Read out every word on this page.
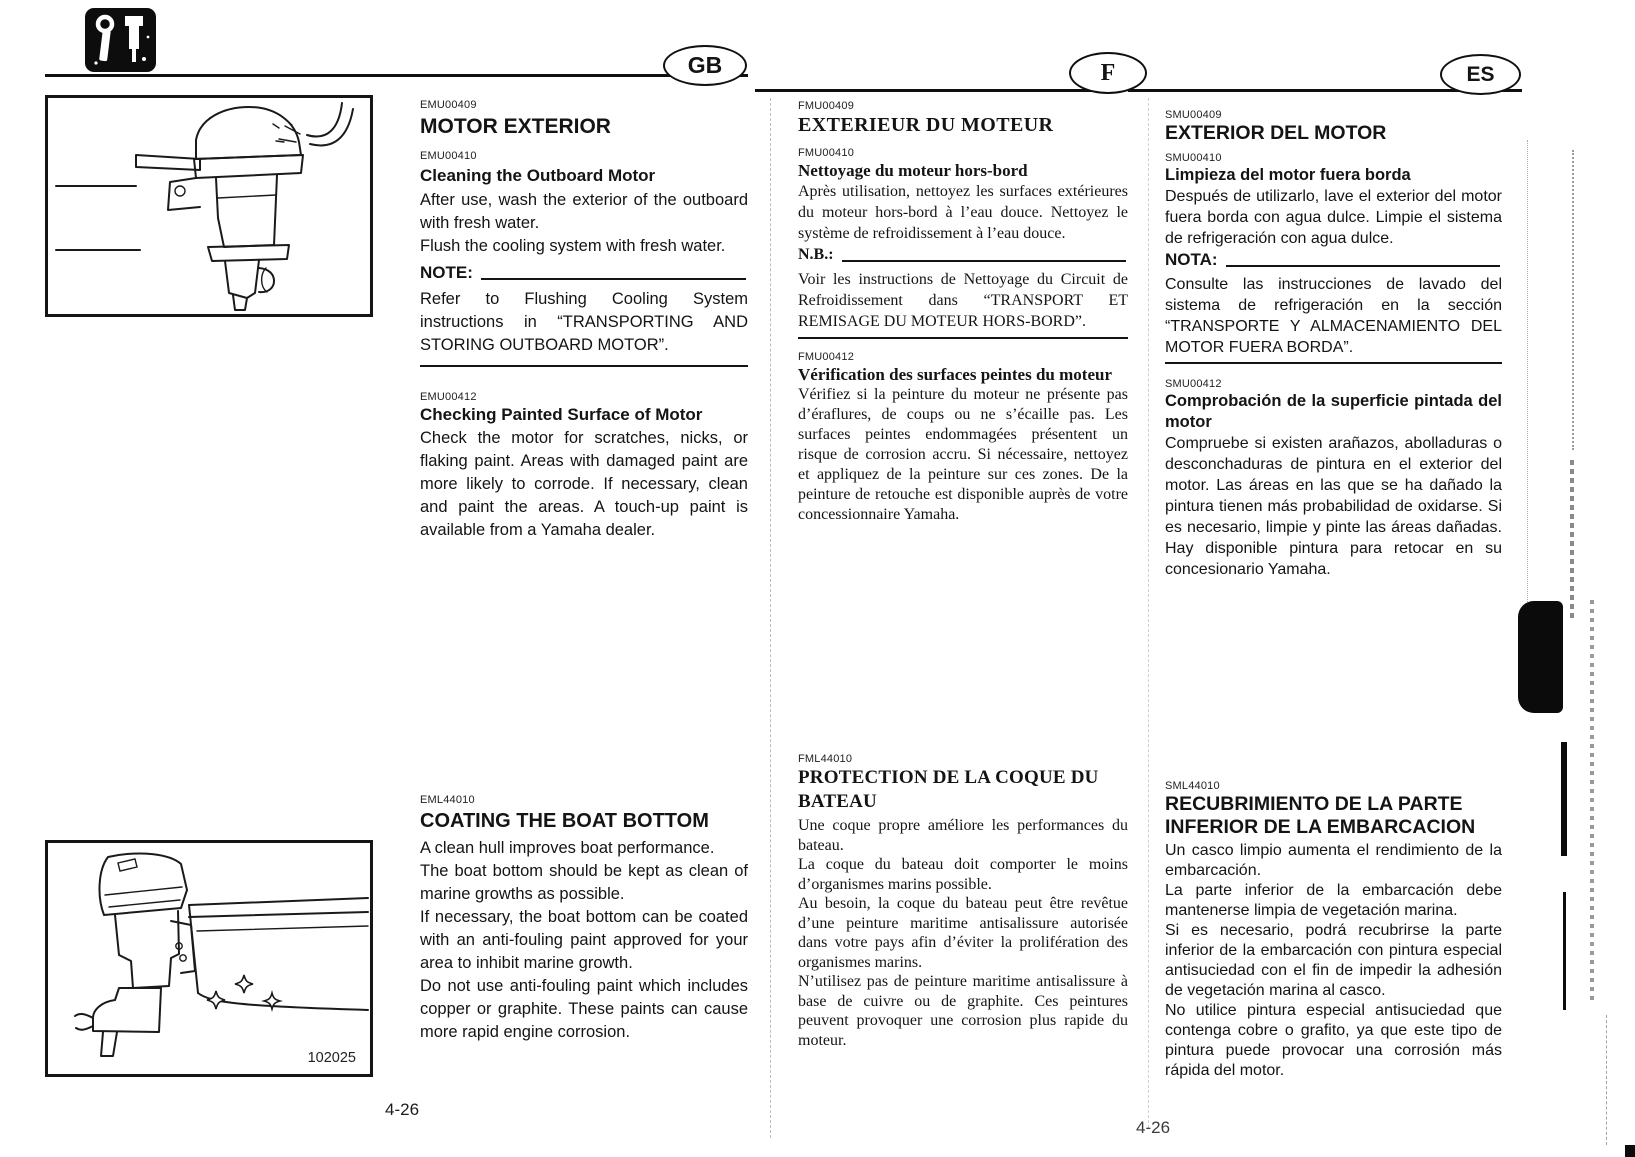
GB	F	ES
102025
EMU00409
MOTOR EXTERIOR
EMU00410
Cleaning the Outboard Motor
After use, wash the exterior of the outboard with fresh water.
Flush the cooling system with fresh water.
NOTE:
Refer to Flushing Cooling System instructions in “TRANSPORTING AND STORING OUTBOARD MOTOR”.
EMU00412
Checking Painted Surface of Motor
Check the motor for scratches, nicks, or flaking paint. Areas with damaged paint are more likely to corrode. If necessary, clean and paint the areas. A touch-up paint is available from a Yamaha dealer.
EML44010
COATING THE BOAT BOTTOM
A clean hull improves boat performance.
The boat bottom should be kept as clean of marine growths as possible.
If necessary, the boat bottom can be coated with an anti-fouling paint approved for your area to inhibit marine growth.
Do not use anti-fouling paint which includes copper or graphite. These paints can cause more rapid engine corrosion.
FMU00409
EXTERIEUR DU MOTEUR
FMU00410
Nettoyage du moteur hors-bord
Après utilisation, nettoyez les surfaces extérieures du moteur hors-bord à l’eau douce. Nettoyez le système de refroidissement à l’eau douce.
N.B.:
Voir les instructions de Nettoyage du Circuit de Refroidissement dans “TRANSPORT ET REMISAGE DU MOTEUR HORS-BORD”.
FMU00412
Vérification des surfaces peintes du moteur
Vérifiez si la peinture du moteur ne présente pas d’éraflures, de coups ou ne s’écaille pas. Les surfaces peintes endommagées présentent un risque de corrosion accru. Si nécessaire, nettoyez et appliquez de la peinture sur ces zones. De la peinture de retouche est disponible auprès de votre concessionnaire Yamaha.
FML44010
PROTECTION DE LA COQUE DU BATEAU
Une coque propre améliore les performances du bateau.
La coque du bateau doit comporter le moins d’organismes marins possible.
Au besoin, la coque du bateau peut être revêtue d’une peinture maritime antisalissure autorisée dans votre pays afin d’éviter la prolifération des organismes marins.
N’utilisez pas de peinture maritime antisalissure à base de cuivre ou de graphite. Ces peintures peuvent provoquer une corrosion plus rapide du moteur.
SMU00409
EXTERIOR DEL MOTOR
SMU00410
Limpieza del motor fuera borda
Después de utilizarlo, lave el exterior del motor fuera borda con agua dulce. Limpie el sistema de refrigeración con agua dulce.
NOTA:
Consulte las instrucciones de lavado del sistema de refrigeración en la sección “TRANSPORTE Y ALMACENAMIENTO DEL MOTOR FUERA BORDA”.
SMU00412
Comprobación de la superficie pintada del motor
Compruebe si existen arañazos, abolladuras o desconchaduras de pintura en el exterior del motor. Las áreas en las que se ha dañado la pintura tienen más probabilidad de oxidarse. Si es necesario, limpie y pinte las áreas dañadas. Hay disponible pintura para retocar en su concesionario Yamaha.
SML44010
RECUBRIMIENTO DE LA PARTE INFERIOR DE LA EMBARCACION
Un casco limpio aumenta el rendimiento de la embarcación.
La parte inferior de la embarcación debe mantenerse limpia de vegetación marina.
Si es necesario, podrá recubrirse la parte inferior de la embarcación con pintura especial antisuciedad con el fin de impedir la adhesión de vegetación marina al casco.
No utilice pintura especial antisuciedad que contenga cobre o grafito, ya que este tipo de pintura puede provocar una corrosión más rápida del motor.
4-26
4-26
